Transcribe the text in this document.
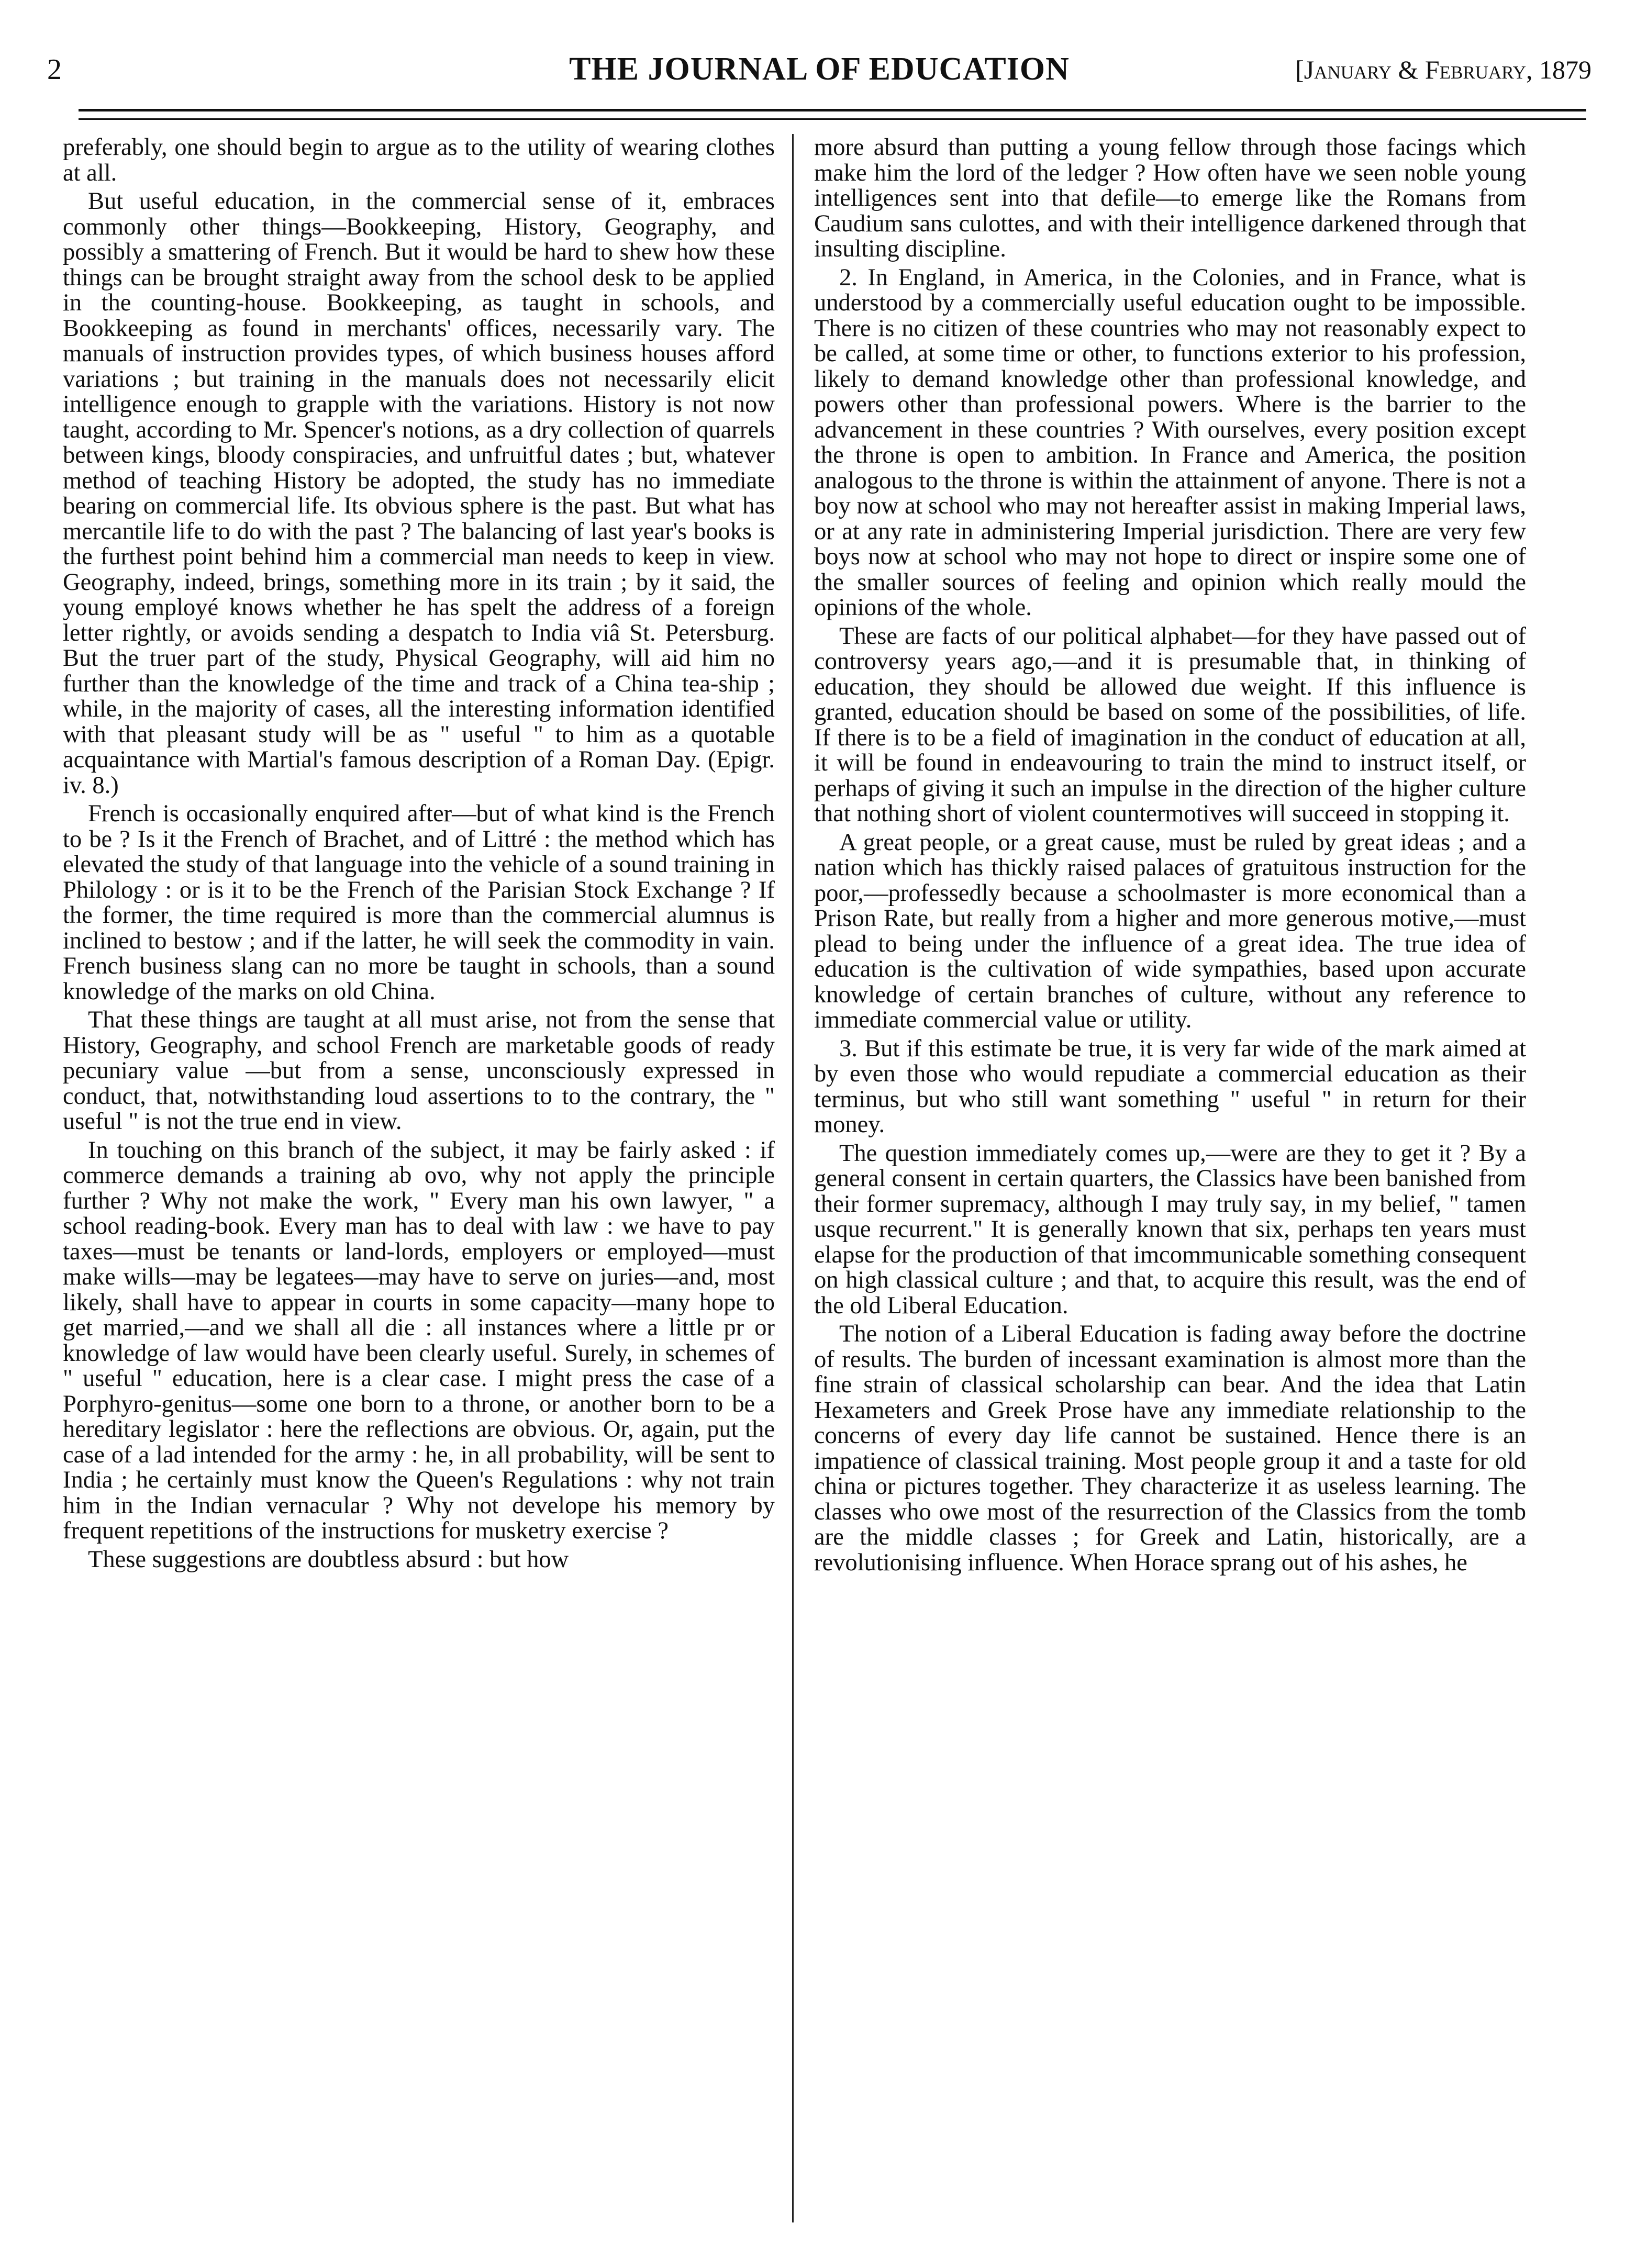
2	THE JOURNAL OF EDUCATION	[January & February, 1879

preferably, one should begin to argue as to the utility of wearing clothes at all.

But useful education, in the commercial sense of it, embraces commonly other things—Bookkeeping, History, Geography, and possibly a smattering of French. But it would be hard to shew how these things can be brought straight away from the school desk to be applied in the counting-house. Bookkeeping, as taught in schools, and Bookkeeping as found in merchants' offices, necessarily vary. The manuals of instruction provides types, of which business houses afford variations ; but training in the manuals does not necessarily elicit intelligence enough to grapple with the variations. History is not now taught, according to Mr. Spencer's notions, as a dry collection of quarrels between kings, bloody conspiracies, and unfruitful dates ; but, whatever method of teaching History be adopted, the study has no immediate bearing on commercial life. Its obvious sphere is the past. But what has mercantile life to do with the past ? The balancing of last year's books is the furthest point behind him a commercial man needs to keep in view. Geography, indeed, brings, something more in its train ; by it said, the young employé knows whether he has spelt the address of a foreign letter rightly, or avoids sending a despatch to India viâ St. Petersburg. But the truer part of the study, Physical Geography, will aid him no further than the knowledge of the time and track of a China tea-ship ; while, in the majority of cases, all the interesting information identified with that pleasant study will be as " useful " to him as a quotable acquaintance with Martial's famous description of a Roman Day. (Epigr. iv. 8.)

French is occasionally enquired after—but of what kind is the French to be ? Is it the French of Brachet, and of Littré : the method which has elevated the study of that language into the vehicle of a sound training in Philology : or is it to be the French of the Parisian Stock Exchange ? If the former, the time required is more than the commercial alumnus is inclined to bestow ; and if the latter, he will seek the commodity in vain. French business slang can no more be taught in schools, than a sound knowledge of the marks on old China.

That these things are taught at all must arise, not from the sense that History, Geography, and school French are marketable goods of ready pecuniary value —but from a sense, unconsciously expressed in conduct, that, notwithstanding loud assertions to to the contrary, the " useful " is not the true end in view.

In touching on this branch of the subject, it may be fairly asked : if commerce demands a training ab ovo, why not apply the principle further ? Why not make the work, " Every man his own lawyer, " a school reading-book. Every man has to deal with law : we have to pay taxes—must be tenants or land-lords, employers or employed—must make wills—may be legatees—may have to serve on juries—and, most likely, shall have to appear in courts in some capacity—many hope to get married,—and we shall all die : all instances where a little pr or knowledge of law would have been clearly useful. Surely, in schemes of " useful " education, here is a clear case. I might press the case of a Porphyro-genitus—some one born to a throne, or another born to be a hereditary legislator : here the reflections are obvious. Or, again, put the case of a lad intended for the army : he, in all probability, will be sent to India ; he certainly must know the Queen's Regulations : why not train him in the Indian vernacular ? Why not develope his memory by frequent repetitions of the instructions for musketry exercise ?

These suggestions are doubtless absurd : but how

more absurd than putting a young fellow through those facings which make him the lord of the ledger ? How often have we seen noble young intelligences sent into that defile—to emerge like the Romans from Caudium sans culottes, and with their intelligence darkened through that insulting discipline.

2. In England, in America, in the Colonies, and in France, what is understood by a commercially useful education ought to be impossible. There is no citizen of these countries who may not reasonably expect to be called, at some time or other, to functions exterior to his profession, likely to demand knowledge other than professional knowledge, and powers other than professional powers. Where is the barrier to the advancement in these countries ? With ourselves, every position except the throne is open to ambition. In France and America, the position analogous to the throne is within the attainment of anyone. There is not a boy now at school who may not hereafter assist in making Imperial laws, or at any rate in administering Imperial jurisdiction. There are very few boys now at school who may not hope to direct or inspire some one of the smaller sources of feeling and opinion which really mould the opinions of the whole.

These are facts of our political alphabet—for they have passed out of controversy years ago,—and it is presumable that, in thinking of education, they should be allowed due weight. If this influence is granted, education should be based on some of the possibilities, of life. If there is to be a field of imagination in the conduct of education at all, it will be found in endeavouring to train the mind to instruct itself, or perhaps of giving it such an impulse in the direction of the higher culture that nothing short of violent countermotives will succeed in stopping it.

A great people, or a great cause, must be ruled by great ideas ; and a nation which has thickly raised palaces of gratuitous instruction for the poor,—professedly because a schoolmaster is more economical than a Prison Rate, but really from a higher and more generous motive,—must plead to being under the influence of a great idea. The true idea of education is the cultivation of wide sympathies, based upon accurate knowledge of certain branches of culture, without any reference to immediate commercial value or utility.

3. But if this estimate be true, it is very far wide of the mark aimed at by even those who would repudiate a commercial education as their terminus, but who still want something " useful " in return for their money.

The question immediately comes up,—were are they to get it ? By a general consent in certain quarters, the Classics have been banished from their former supremacy, although I may truly say, in my belief, " tamen usque recurrent." It is generally known that six, perhaps ten years must elapse for the production of that imcommunicable something consequent on high classical culture ; and that, to acquire this result, was the end of the old Liberal Education.

The notion of a Liberal Education is fading away before the doctrine of results. The burden of incessant examination is almost more than the fine strain of classical scholarship can bear. And the idea that Latin Hexameters and Greek Prose have any immediate relationship to the concerns of every day life cannot be sustained. Hence there is an impatience of classical training. Most people group it and a taste for old china or pictures together. They characterize it as useless learning. The classes who owe most of the resurrection of the Classics from the tomb are the middle classes ; for Greek and Latin, historically, are a revolutionising influence. When Horace sprang out of his ashes, he
